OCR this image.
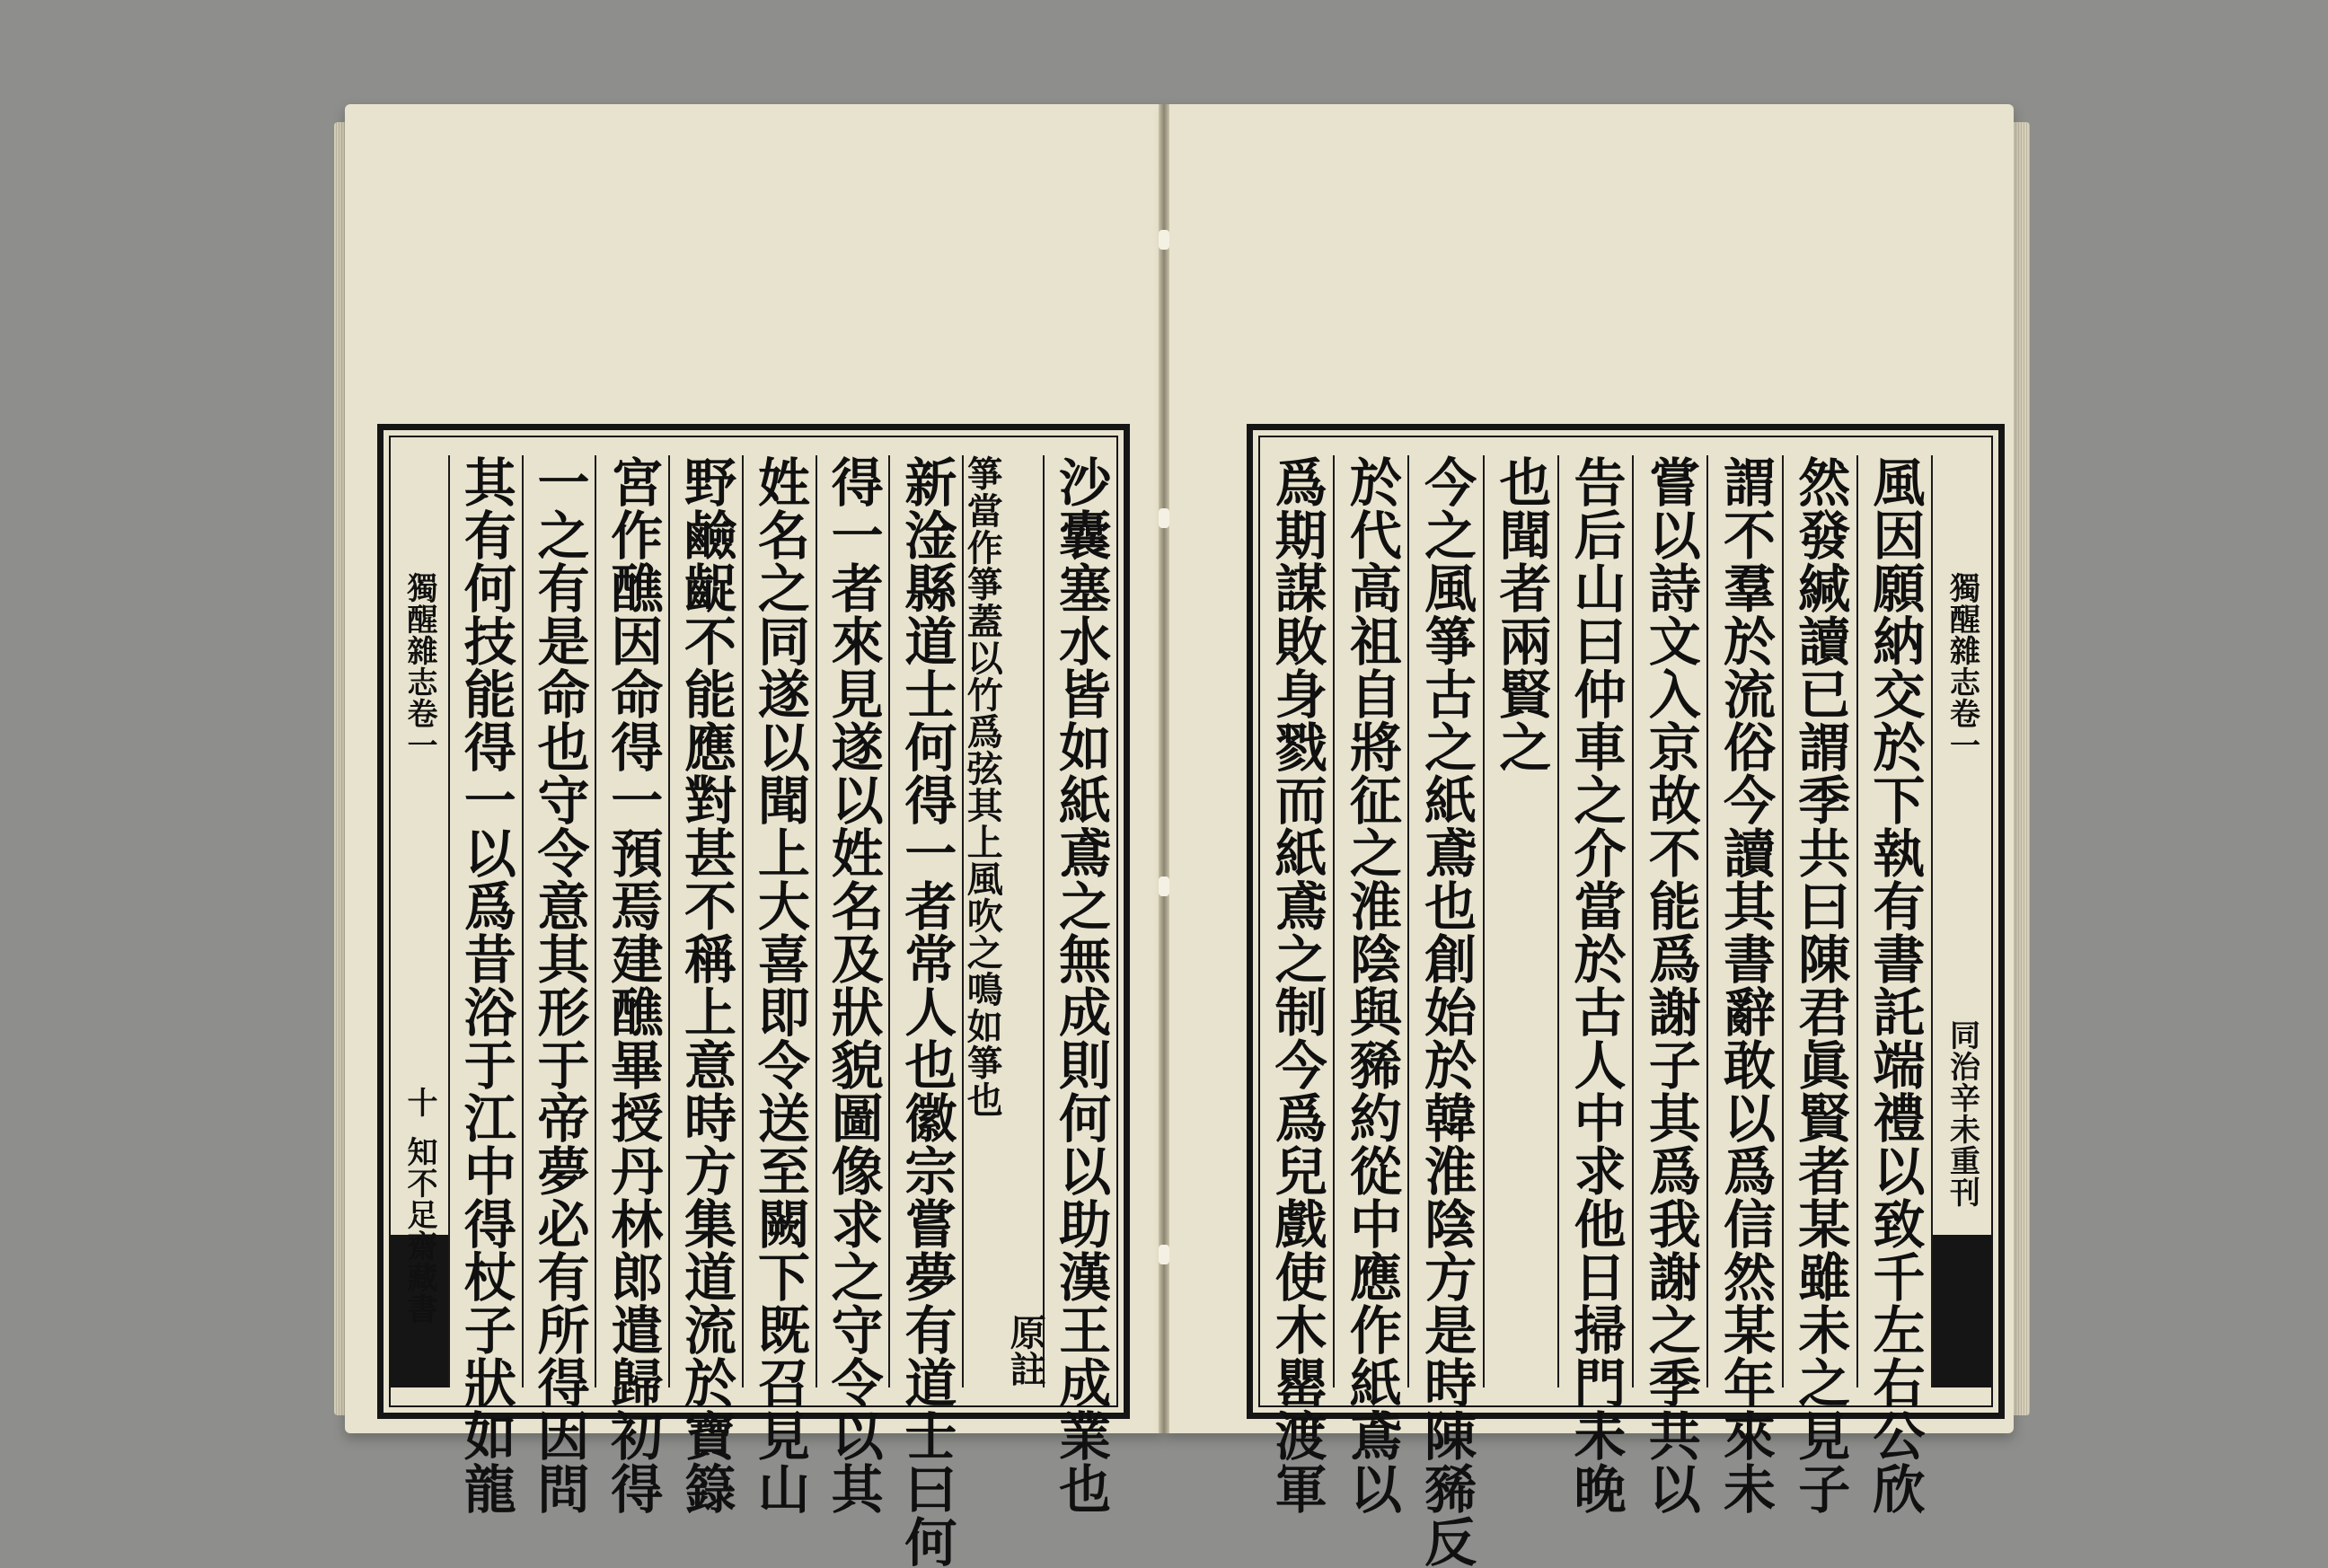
沙囊塞水皆如紙鳶之無成則何以助漢王成業也
箏當作箏蓋以竹爲弦其上風吹之鳴如箏也
原註
新淦縣道士何得一者常人也徽宗嘗夢有道士曰何
得一者來見遂以姓名及狀貌圖像求之守令以其
姓名之同遂以聞上大喜即令送至闕下既召見山
野鹼齪不能應對甚不稱上意時方集道流於寶籙
宮作醮因命得一預焉建醮畢授丹林郎遣歸初得
一之有是命也守令意其形于帝夢必有所得因問
其有何技能得一以爲昔浴于江中得杖子狀如龍
獨醒雜志卷一
十
知不足齋藏書
獨醒雜志卷一
同治辛未重刊
風因願納交於下執有書託端禮以致千左右公欣
然發緘讀已謂季共曰陳君眞賢者某雖未之見子
謂不羣於流俗今讀其書辭敢以爲信然某年來未
嘗以詩文入京故不能爲謝子其爲我謝之季共以
告后山曰仲車之介當於古人中求他日掃門未晚
也聞者兩賢之
今之風箏古之紙鳶也創始於韓淮陰方是時陳豨反
於代高祖自將征之淮陰與豨約從中應作紙鳶以
爲期謀敗身戮而紙鳶之制今爲兒戲使木罌渡軍
